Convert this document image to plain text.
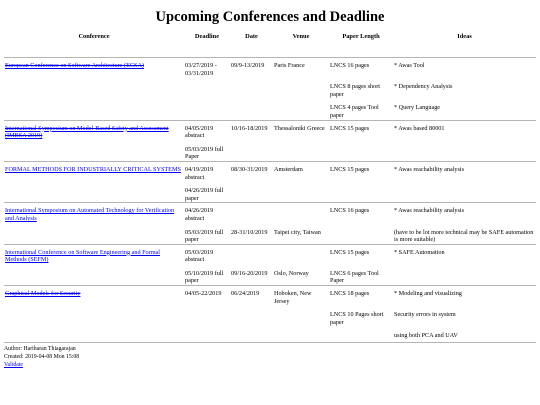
Upcoming Conferences and Deadline
Conference	Deadline	Date	Venue	Paper Length	Ideas
European Conference on Software Architecture (ECSA)	03/27/2019 - 03/31/2019	09/9-13/2019	Paris France	LNCS 16 pages	* Awas Tool
				LNCS 8 pages short paper	* Dependency Analysis
				LNCS 4 pages Tool paper	* Query Language
International Symposium on Model-Based Safety and Assessment (IMBSA 2019)	04/05/2019 abstract	10/16-18/2019	Thessaloniki Greece	LNCS 15 pages	* Awas based 80001
	05/03/2019 full Paper				
FORMAL METHODS FOR INDUSTRIALLY CRITICAL SYSTEMS	04/19/2019 abstract	08/30-31/2019	Amsterdam	LNCS 15 pages	* Awas reachability analysis
	04/26/2019 full paper				
International Symposium on Automated Technology for Verification and Analysis	04/26/2019 abstract			LNCS 16 pages	* Awas reachability analysis
	05/03/2019 full paper	28-31/10/2019	Taipei city, Taiwan		(have to be lot more technical may be SAFE automation is more suitable)
International Conference on Software Engineering and Formal Methods (SEFM)	05/03/2019 abstract			LNCS 15 pages	* SAFE Automation
	05/10/2019 full paper	09/16-20/2019	Oslo, Norway	LNCS 6 pages Tool Paper	
Graphical Models for Security	04/05-22/2019	06/24/2019	Hoboken, New Jersey	LNCS 18 pages	* Modeling and visualizing
				LNCS 10 Pages short paper	Security errors in system
					using both PCA and UAV
Author: Hariharan Thiagarajan
Created: 2019-04-08 Mon 15:08
Validate
